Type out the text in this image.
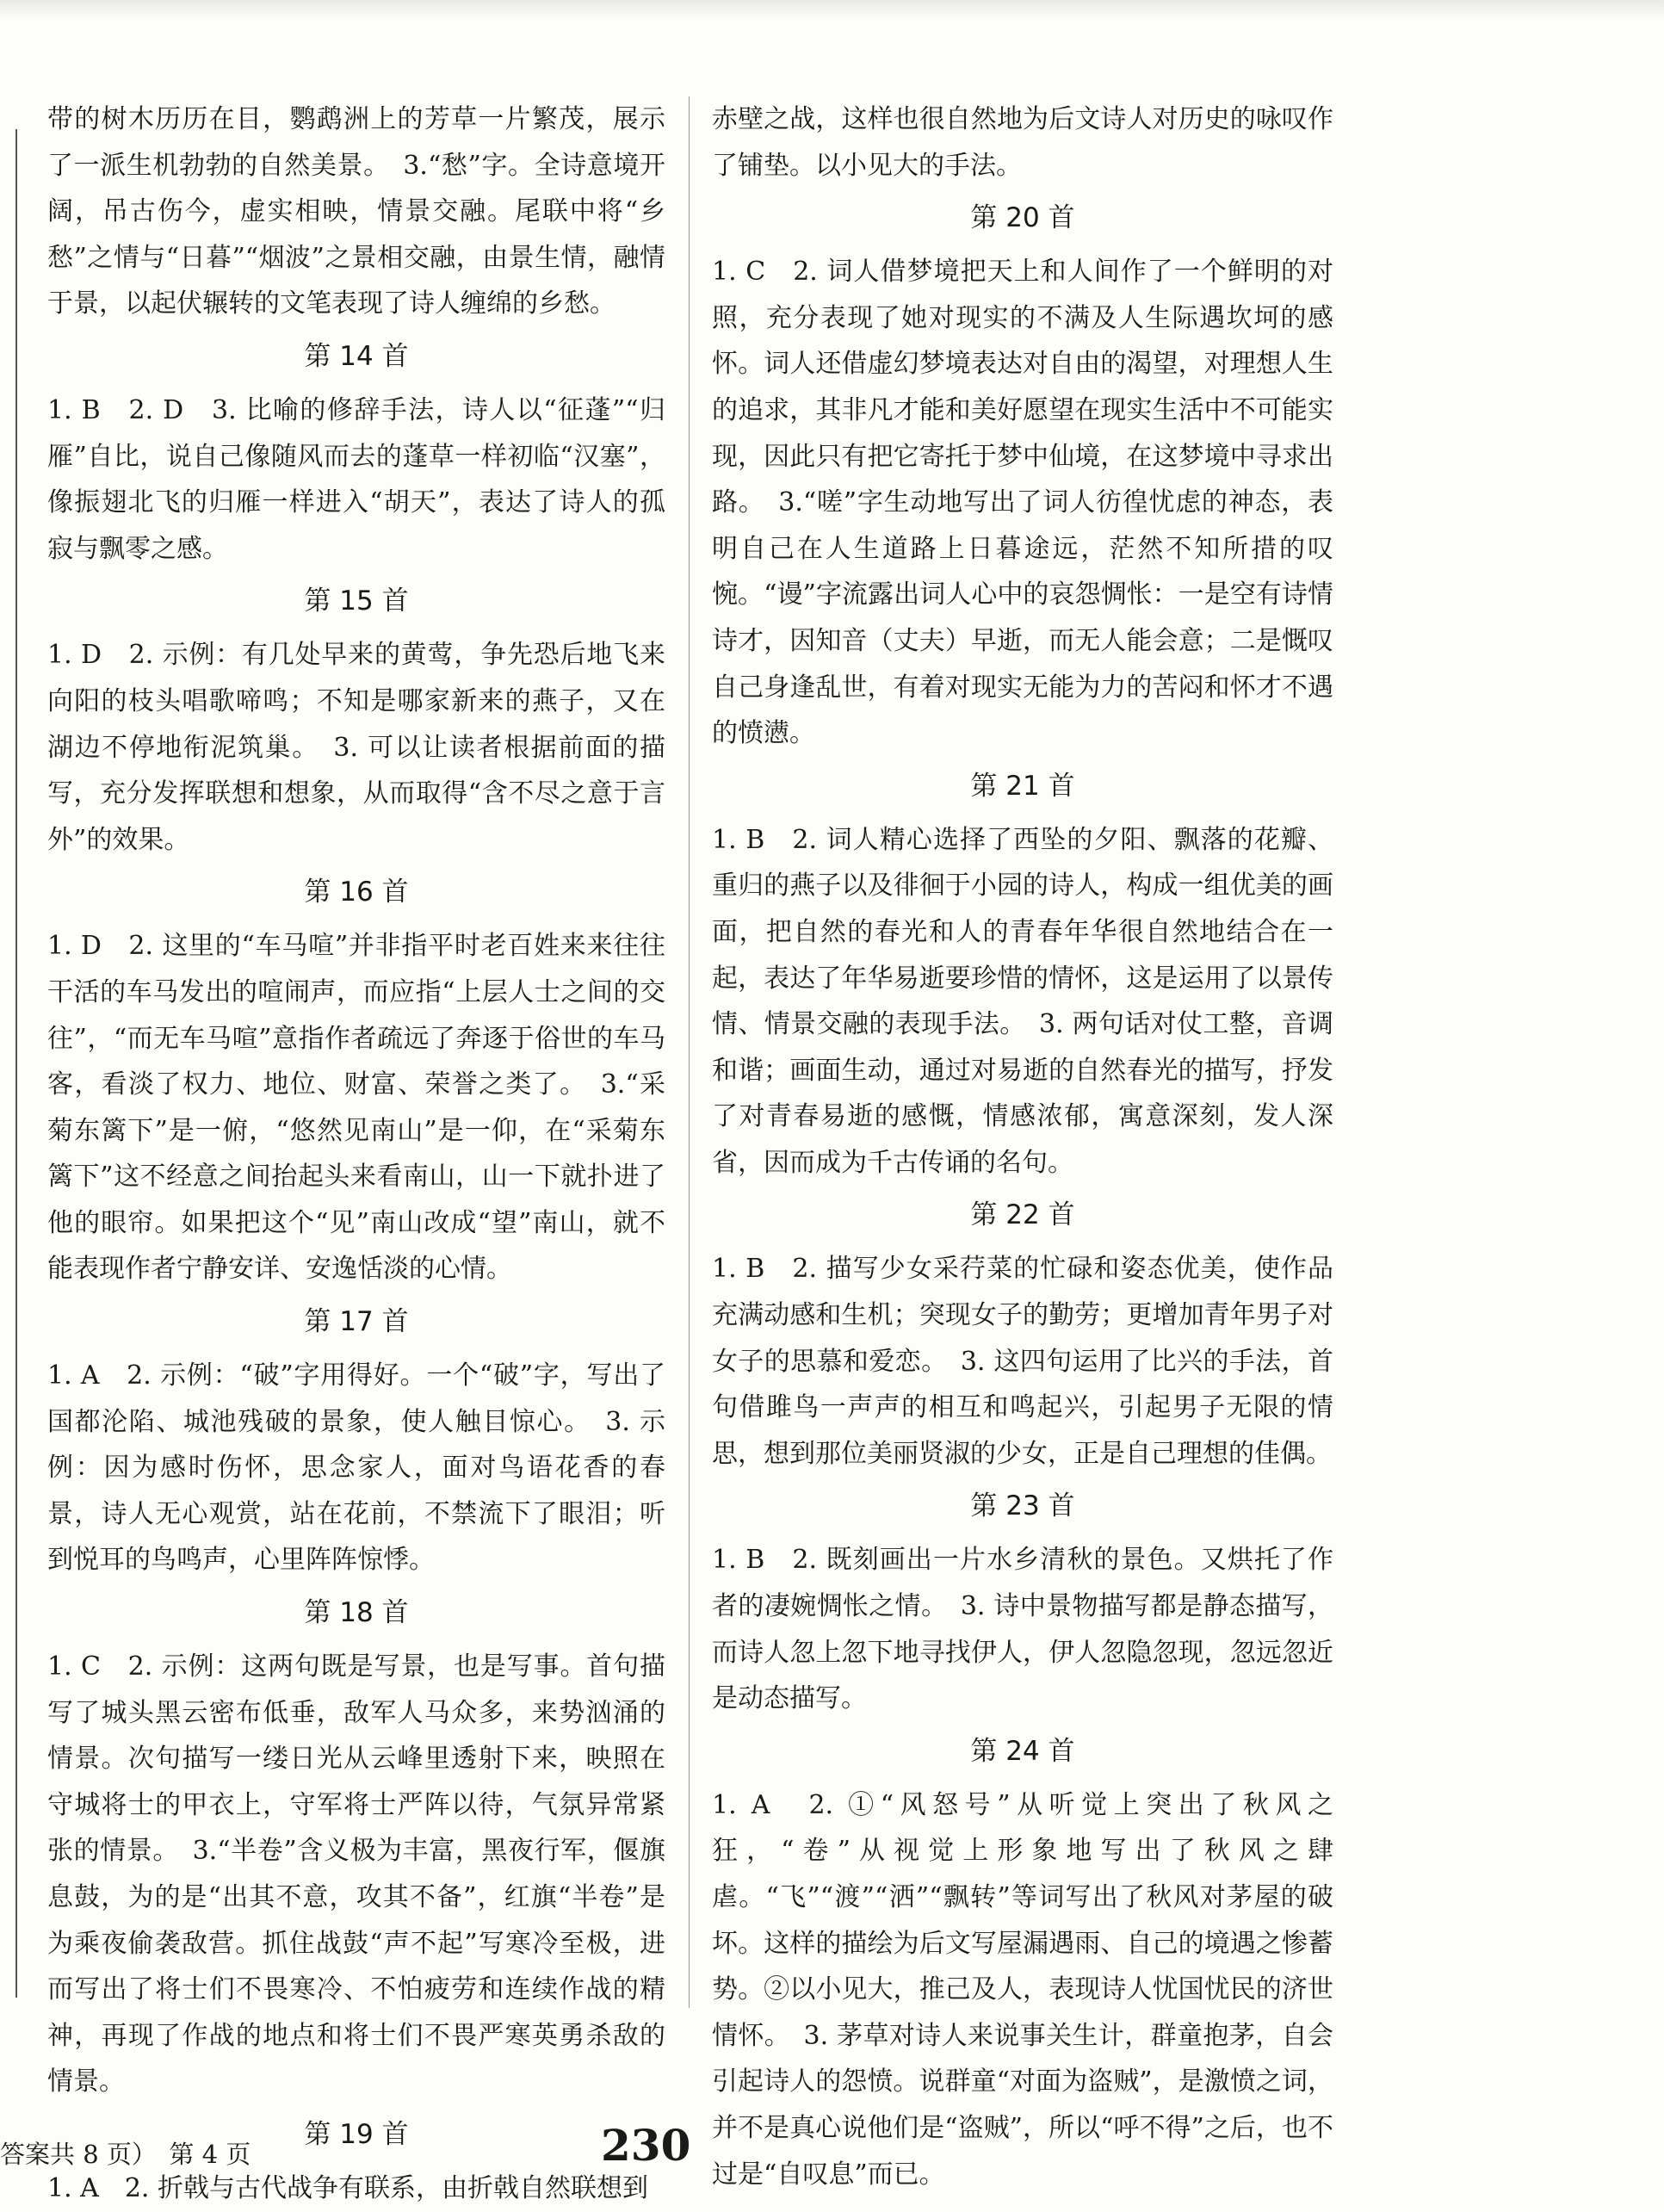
带的树木历历在目，鹦鹉洲上的芳草一片繁茂，展示了一派生机勃勃的自然美景。　3.“愁”字。全诗意境开阔，吊古伤今，虚实相映，情景交融。尾联中将“乡愁”之情与“日暮”“烟波”之景相交融，由景生情，融情于景，以起伏辗转的文笔表现了诗人缠绵的乡愁。

第 14 首

1. B　2. D　3. 比喻的修辞手法，诗人以“征蓬”“归雁”自比，说自己像随风而去的蓬草一样初临“汉塞”，像振翅北飞的归雁一样进入“胡天”，表达了诗人的孤寂与飘零之感。

第 15 首

1. D　2. 示例：有几处早来的黄莺，争先恐后地飞来向阳的枝头唱歌啼鸣；不知是哪家新来的燕子，又在湖边不停地衔泥筑巢。　3. 可以让读者根据前面的描写，充分发挥联想和想象，从而取得“含不尽之意于言外”的效果。

第 16 首

1. D　2. 这里的“车马喧”并非指平时老百姓来来往往干活的车马发出的喧闹声，而应指“上层人士之间的交往”，“而无车马喧”意指作者疏远了奔逐于俗世的车马客，看淡了权力、地位、财富、荣誉之类了。　3.“采菊东篱下”是一俯，“悠然见南山”是一仰，在“采菊东篱下”这不经意之间抬起头来看南山，山一下就扑进了他的眼帘。如果把这个“见”南山改成“望”南山，就不能表现作者宁静安详、安逸恬淡的心情。

第 17 首

1. A　2. 示例：“破”字用得好。一个“破”字，写出了国都沦陷、城池残破的景象，使人触目惊心。　3. 示例：因为感时伤怀，思念家人，面对鸟语花香的春景，诗人无心观赏，站在花前，不禁流下了眼泪；听到悦耳的鸟鸣声，心里阵阵惊悸。

第 18 首

1. C　2. 示例：这两句既是写景，也是写事。首句描写了城头黑云密布低垂，敌军人马众多，来势汹涌的情景。次句描写一缕日光从云峰里透射下来，映照在守城将士的甲衣上，守军将士严阵以待，气氛异常紧张的情景。　3.“半卷”含义极为丰富，黑夜行军，偃旗息鼓，为的是“出其不意，攻其不备”，红旗“半卷”是为乘夜偷袭敌营。抓住战鼓“声不起”写寒冷至极，进而写出了将士们不畏寒冷、不怕疲劳和连续作战的精神，再现了作战的地点和将士们不畏严寒英勇杀敌的情景。

第 19 首

1. A　2. 折戟与古代战争有联系，由折戟自然联想到

赤壁之战，这样也很自然地为后文诗人对历史的咏叹作了铺垫。以小见大的手法。

第 20 首

1. C　2. 词人借梦境把天上和人间作了一个鲜明的对照，充分表现了她对现实的不满及人生际遇坎坷的感怀。词人还借虚幻梦境表达对自由的渴望，对理想人生的追求，其非凡才能和美好愿望在现实生活中不可能实现，因此只有把它寄托于梦中仙境，在这梦境中寻求出路。　3.“嗟”字生动地写出了词人彷徨忧虑的神态，表明自己在人生道路上日暮途远，茫然不知所措的叹惋。“谩”字流露出词人心中的哀怨惆怅：一是空有诗情诗才，因知音（丈夫）早逝，而无人能会意；二是慨叹自己身逢乱世，有着对现实无能为力的苦闷和怀才不遇的愤懑。

第 21 首

1. B　2. 词人精心选择了西坠的夕阳、飘落的花瓣、重归的燕子以及徘徊于小园的诗人，构成一组优美的画面，把自然的春光和人的青春年华很自然地结合在一起，表达了年华易逝要珍惜的情怀，这是运用了以景传情、情景交融的表现手法。　3. 两句话对仗工整，音调和谐；画面生动，通过对易逝的自然春光的描写，抒发了对青春易逝的感慨，情感浓郁，寓意深刻，发人深省，因而成为千古传诵的名句。

第 22 首

1. B　2. 描写少女采荇菜的忙碌和姿态优美，使作品充满动感和生机；突现女子的勤劳；更增加青年男子对女子的思慕和爱恋。　3. 这四句运用了比兴的手法，首句借雎鸟一声声的相互和鸣起兴，引起男子无限的情思，想到那位美丽贤淑的少女，正是自己理想的佳偶。

第 23 首

1. B　2. 既刻画出一片水乡清秋的景色。又烘托了作者的凄婉惆怅之情。　3. 诗中景物描写都是静态描写，而诗人忽上忽下地寻找伊人，伊人忽隐忽现，忽远忽近是动态描写。

第 24 首

1. A　2. ①“风怒号”从听觉上突出了秋风之狂，“卷”从视觉上形象地写出了秋风之肆虐。“飞”“渡”“洒”“飘转”等词写出了秋风对茅屋的破坏。这样的描绘为后文写屋漏遇雨、自己的境遇之惨蓄势。②以小见大，推己及人，表现诗人忧国忧民的济世情怀。　3. 茅草对诗人来说事关生计，群童抱茅，自会引起诗人的怨愤。说群童“对面为盗贼”，是激愤之词，并不是真心说他们是“盗贼”，所以“呼不得”之后，也不过是“自叹息”而已。

答案共 8 页）　第 4 页	230
